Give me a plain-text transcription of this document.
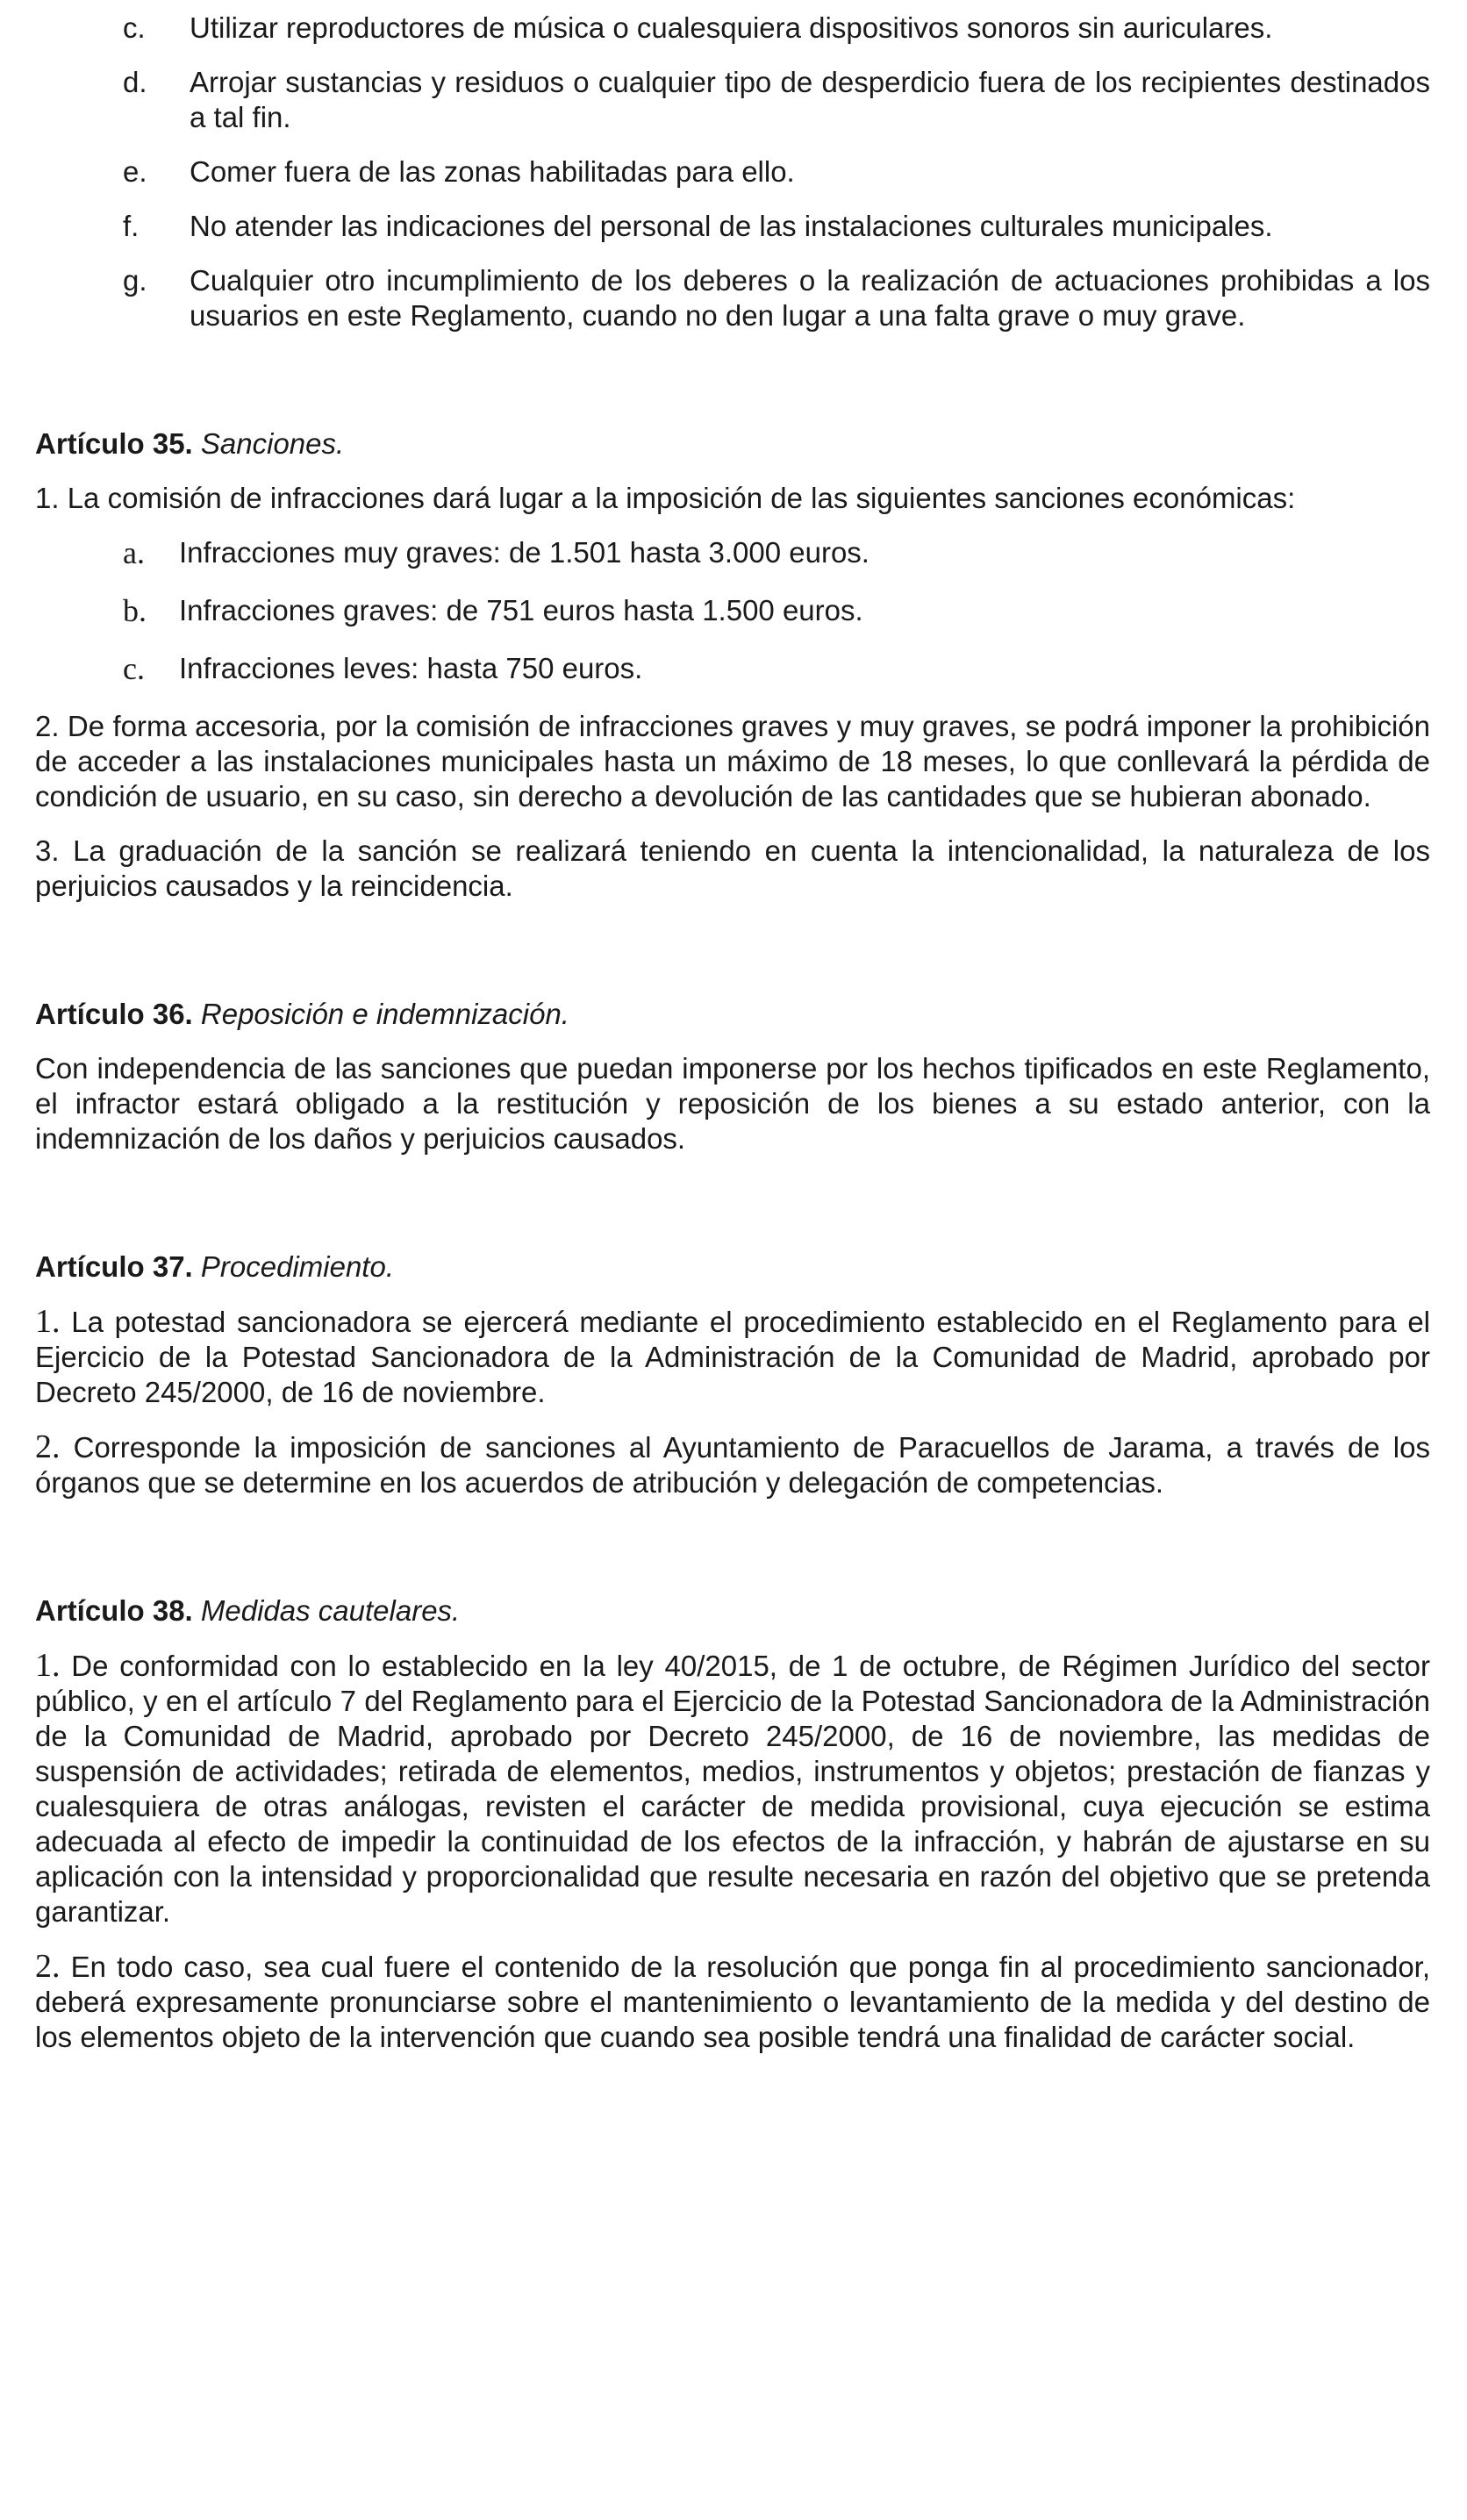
c.	Utilizar reproductores de música o cualesquiera dispositivos sonoros sin auriculares.
d.	Arrojar sustancias y residuos o cualquier tipo de desperdicio fuera de los recipientes destinados a tal fin.
e.	Comer fuera de las zonas habilitadas para ello.
f.	No atender las indicaciones del personal de las instalaciones culturales municipales.
g.	Cualquier otro incumplimiento de los deberes o la realización de actuaciones prohibidas a los usuarios en este Reglamento, cuando no den lugar a una falta grave o muy grave.
Artículo 35. Sanciones.

1. La comisión de infracciones dará lugar a la imposición de las siguientes sanciones económicas:

a.	Infracciones muy graves: de 1.501 hasta 3.000 euros.
b.	Infracciones graves: de 751 euros hasta 1.500 euros.
c.	Infracciones leves: hasta 750 euros.

2. De forma accesoria, por la comisión de infracciones graves y muy graves, se podrá imponer la prohibición de acceder a las instalaciones municipales hasta un máximo de 18 meses, lo que conllevará la pérdida de condición de usuario, en su caso, sin derecho a devolución de las cantidades que se hubieran abonado.

3. La graduación de la sanción se realizará teniendo en cuenta la intencionalidad, la naturaleza de los perjuicios causados y la reincidencia.

Artículo 36. Reposición e indemnización.

Con independencia de las sanciones que puedan imponerse por los hechos tipificados en este Reglamento, el infractor estará obligado a la restitución y reposición de los bienes a su estado anterior, con la indemnización de los daños y perjuicios causados.

Artículo 37. Procedimiento.

1. La potestad sancionadora se ejercerá mediante el procedimiento establecido en el Reglamento para el Ejercicio de la Potestad Sancionadora de la Administración de la Comunidad de Madrid, aprobado por Decreto 245/2000, de 16 de noviembre.

2. Corresponde la imposición de sanciones al Ayuntamiento de Paracuellos de Jarama, a través de los órganos que se determine en los acuerdos de atribución y delegación de competencias.

Artículo 38. Medidas cautelares.

1. De conformidad con lo establecido en la ley 40/2015, de 1 de octubre, de Régimen Jurídico del sector público, y en el artículo 7 del Reglamento para el Ejercicio de la Potestad Sancionadora de la Administración de la Comunidad de Madrid, aprobado por Decreto 245/2000, de 16 de noviembre, las medidas de suspensión de actividades; retirada de elementos, medios, instrumentos y objetos; prestación de fianzas y cualesquiera de otras análogas, revisten el carácter de medida provisional, cuya ejecución se estima adecuada al efecto de impedir la continuidad de los efectos de la infracción, y habrán de ajustarse en su aplicación con la intensidad y proporcionalidad que resulte necesaria en razón del objetivo que se pretenda garantizar.

2. En todo caso, sea cual fuere el contenido de la resolución que ponga fin al procedimiento sancionador, deberá expresamente pronunciarse sobre el mantenimiento o levantamiento de la medida y del destino de los elementos objeto de la intervención que cuando sea posible tendrá una finalidad de carácter social.
